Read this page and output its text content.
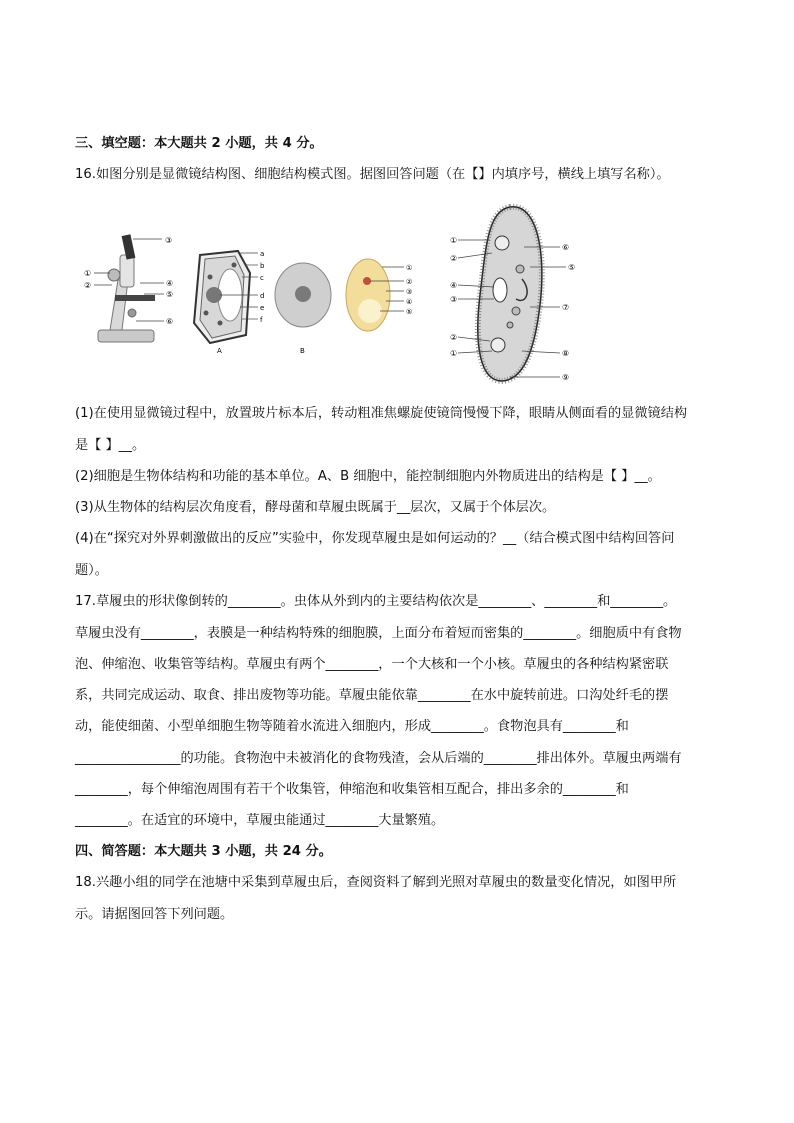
三、填空题：本大题共 2 小题，共 4 分。
16.如图分别是显微镜结构图、细胞结构模式图。据图回答问题（在【】内填序号，横线上填写名称）。
③
①
②	④
⑤
⑥
a
b
c
d
e
f
A	B
①
②
③
④
⑤
①
②
④
③
②
①
⑥
⑤
⑦
⑧
⑨
(1)在使用显微镜过程中，放置玻片标本后，转动粗准焦螺旋使镜筒慢慢下降，眼睛从侧面看的显微镜结构
是【 】__。
(2)细胞是生物体结构和功能的基本单位。A、B 细胞中，能控制细胞内外物质进出的结构是【 】__。
(3)从生物体的结构层次角度看，酵母菌和草履虫既属于__层次，又属于个体层次。
(4)在“探究对外界刺激做出的反应”实验中，你发现草履虫是如何运动的？__（结合模式图中结构回答问
题）。
17.草履虫的形状像倒转的________。虫体从外到内的主要结构依次是________、________和________。
草履虫没有________，表膜是一种结构特殊的细胞膜，上面分布着短而密集的________。细胞质中有食物
泡、伸缩泡、收集管等结构。草履虫有两个________，一个大核和一个小核。草履虫的各种结构紧密联
系，共同完成运动、取食、排出废物等功能。草履虫能依靠________在水中旋转前进。口沟处纤毛的摆
动，能使细菌、小型单细胞生物等随着水流进入细胞内，形成________。食物泡具有________和
________________的功能。食物泡中未被消化的食物残渣，会从后端的________排出体外。草履虫两端有
________，每个伸缩泡周围有若干个收集管，伸缩泡和收集管相互配合，排出多余的________和
________。在适宜的环境中，草履虫能通过________大量繁殖。
四、简答题：本大题共 3 小题，共 24 分。
18.兴趣小组的同学在池塘中采集到草履虫后，查阅资料了解到光照对草履虫的数量变化情况，如图甲所
示。请据图回答下列问题。
